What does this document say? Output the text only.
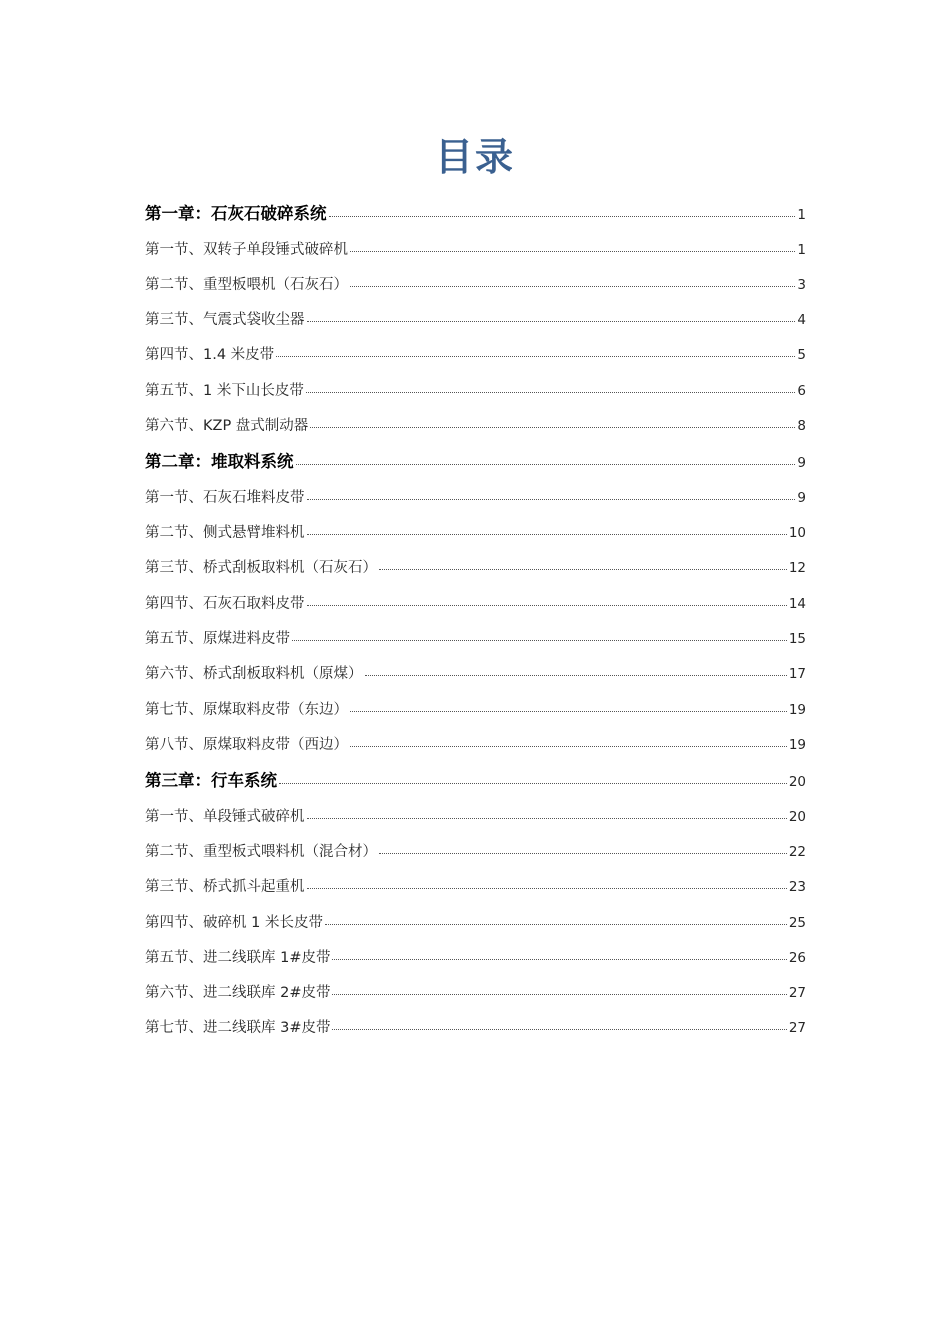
目录
第一章：石灰石破碎系统	1
第一节、双转子单段锤式破碎机	1
第二节、重型板喂机（石灰石）	3
第三节、气震式袋收尘器	4
第四节、1.4 米皮带	5
第五节、1 米下山长皮带	6
第六节、KZP 盘式制动器	8
第二章：堆取料系统	9
第一节、石灰石堆料皮带	9
第二节、侧式悬臂堆料机	10
第三节、桥式刮板取料机（石灰石）	12
第四节、石灰石取料皮带	14
第五节、原煤进料皮带	15
第六节、桥式刮板取料机（原煤）	17
第七节、原煤取料皮带（东边）	19
第八节、原煤取料皮带（西边）	19
第三章：行车系统	20
第一节、单段锤式破碎机	20
第二节、重型板式喂料机（混合材）	22
第三节、桥式抓斗起重机	23
第四节、破碎机 1 米长皮带	25
第五节、进二线联库 1#皮带	26
第六节、进二线联库 2#皮带	27
第七节、进二线联库 3#皮带	27
